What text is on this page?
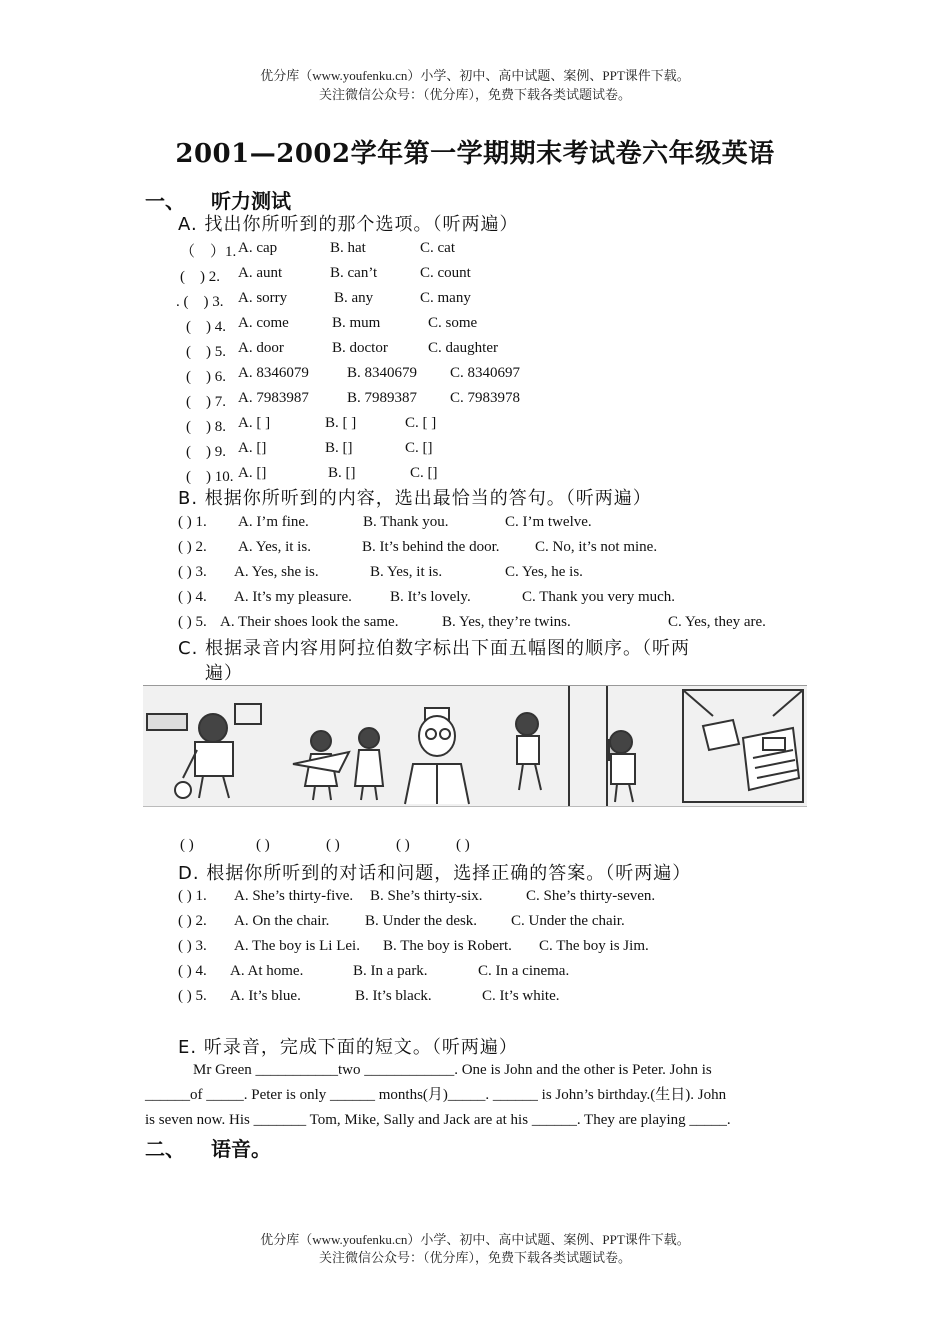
优分库（www.youfenku.cn）小学、初中、高中试题、案例、PPT课件下载。
关注微信公众号：（优分库），免费下载各类试题试卷。
2001—2002学年第一学期期末考试卷六年级英语
一、 听力测试
A. 找出你所听到的那个选项。（听两遍）
（　）1. A. cap	B. hat	C. cat
(　) 2. A. aunt	B. can’t	C. count
. (　) 3. A. sorry	B. any	C. many
(　) 4. A. come	B. mum	C. some
(　) 5. A. door	B. doctor	C. daughter
(　) 6. A. 8346079	B. 8340679 C. 8340697
(　) 7. A. 7983987	B. 7989387 C. 7983978
(　) 8. A. [ ]	B. [ ]	C. [ ]
(　) 9. A. []	B. []	C. []
(　) 10. A. []	B. []	C. []
B. 根据你所听到的内容，选出最恰当的答句。（听两遍）
( ) 1. A. I’m fine.	B. Thank you.	C. I’m twelve.
( ) 2. A. Yes, it is.	B. It’s behind the door. C. No, it’s not mine.
( ) 3. A. Yes, she is.	B. Yes, it is.	C. Yes, he is.
( ) 4. A. It’s my pleasure.	B. It’s lovely.	C. Thank you very much.
( ) 5. A. Their shoes look the same.	B. Yes, they’re twins.	C. Yes, they are.
C. 根据录音内容用阿拉伯数字标出下面五幅图的顺序。（听两
遍）
( )	( )	( )	( )	( )
D. 根据你所听到的对话和问题，选择正确的答案。（听两遍）
( ) 1. A. She’s thirty-five. B. She’s thirty-six.	C. She’s thirty-seven.
( ) 2. A. On the chair. B. Under the desk. C. Under the chair.
( ) 3. A. The boy is Li Lei. B. The boy is Robert. C. The boy is Jim.
( ) 4. A. At home.	B. In a park.	C. In a cinema.
( ) 5. A. It’s blue.	B. It’s black.	C. It’s white.
E. 听录音，完成下面的短文。（听两遍）
Mr Green ___________two ____________. One is John and the other is Peter. John is
______of _____. Peter is only ______ months(月)_____. ______ is John’s birthday.(生日). John
is seven now. His _______ Tom, Mike, Sally and Jack are at his ______. They are playing _____.
二、 语音。
优分库（www.youfenku.cn）小学、初中、高中试题、案例、PPT课件下载。
关注微信公众号：（优分库），免费下载各类试题试卷。
